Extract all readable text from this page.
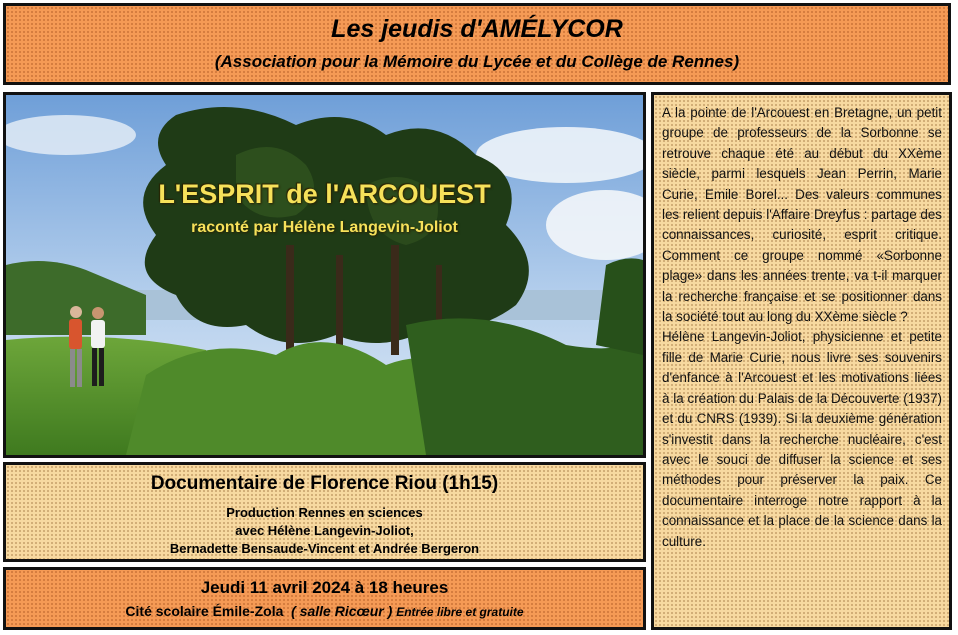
Les jeudis d'AMÉLYCOR
(Association pour la Mémoire du Lycée et du Collège de Rennes)
L'ESPRIT de l'ARCOUEST
raconté par Hélène Langevin-Joliot
Documentaire de Florence Riou (1h15)
Production Rennes en sciences
avec Hélène Langevin-Joliot,
Bernadette Bensaude-Vincent et Andrée Bergeron
Jeudi 11 avril 2024 à 18 heures
Cité scolaire Émile-Zola ( salle Ricœur ) Entrée libre et gratuite

A la pointe de l'Arcouest en Bretagne, un petit groupe de professeurs de la Sorbonne se retrouve chaque été au début du XXème siècle, parmi lesquels Jean Perrin, Marie Curie, Emile Borel... Des valeurs communes les relient depuis l'Affaire Dreyfus : partage des connaissances, curiosité, esprit critique. Comment ce groupe nommé «Sorbonne plage» dans les années trente, va t-il marquer la recherche française et se positionner dans la société tout au long du XXème siècle ?

Hélène Langevin-Joliot, physicienne et petite fille de Marie Curie, nous livre ses souvenirs d'enfance à l'Arcouest et les motivations liées à la création du Palais de la Découverte (1937) et du CNRS (1939). Si la deuxième génération s'investit dans la recherche nucléaire, c'est avec le souci de diffuser la science et ses méthodes pour préserver la paix. Ce documentaire interroge notre rapport à la connaissance et la place de la science dans la culture.
